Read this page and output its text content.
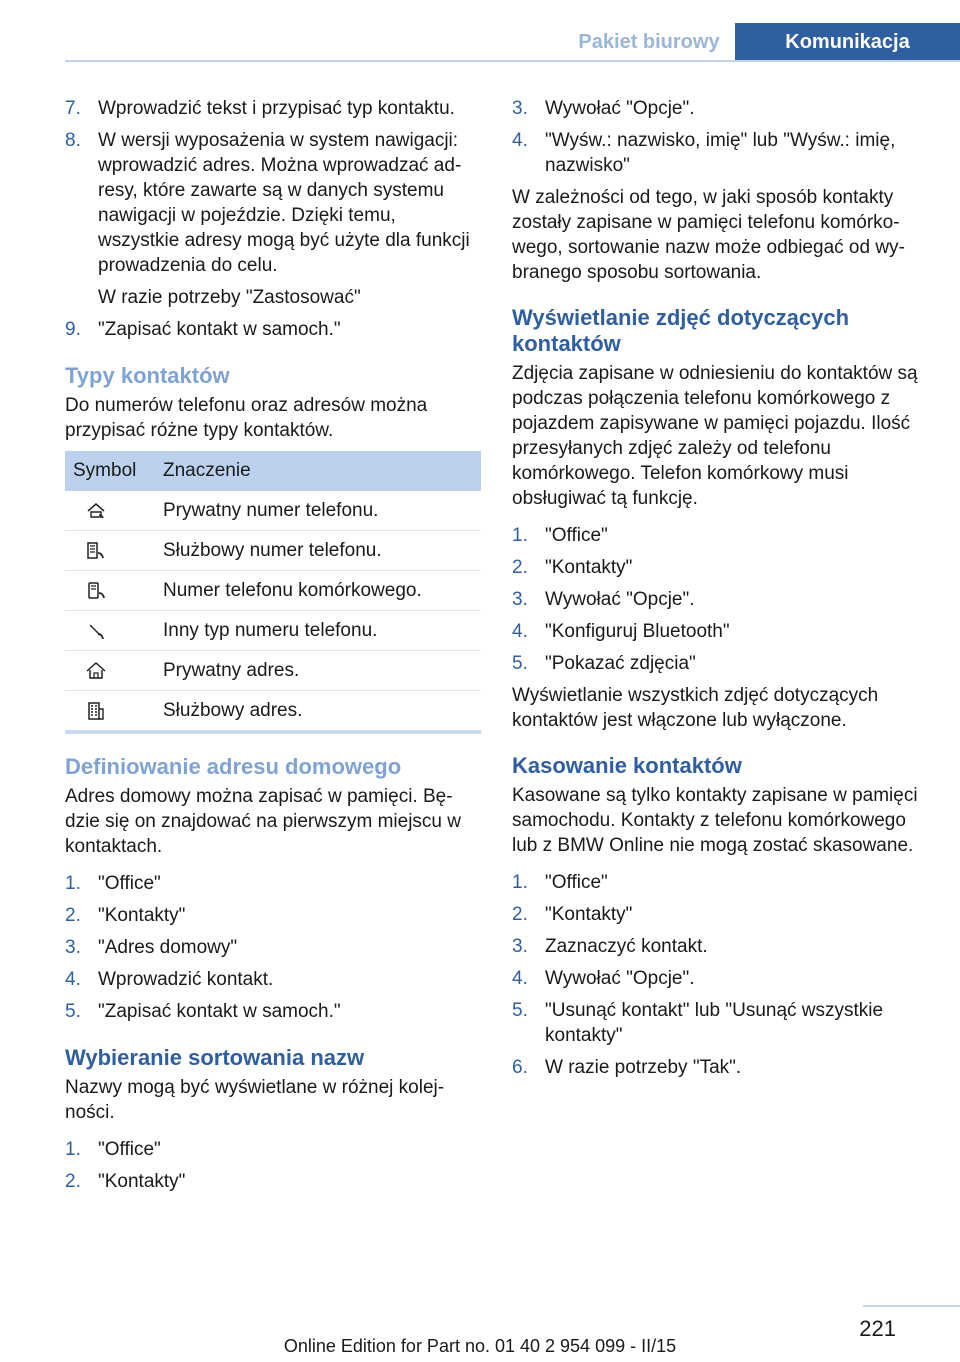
Pakiet biurowy	Komunikacja
7. Wprowadzić tekst i przypisać typ kontaktu.
8. W wersji wyposażenia w system nawigacji: wprowadzić adres. Można wprowadzać adresy, które zawarte są w danych systemu nawigacji w pojeździe. Dzięki temu, wszystkie adresy mogą być użyte dla funkcji prowadzenia do celu.
W razie potrzeby "Zastosować"
9. "Zapisać kontakt w samoch."
Typy kontaktów
Do numerów telefonu oraz adresów można przypisać różne typy kontaktów.
Symbol	Znaczenie

	Prywatny numer telefonu.

	Służbowy numer telefonu.

	Numer telefonu komórkowego.

	Inny typ numeru telefonu.

	Prywatny adres.

	Służbowy adres.
Definiowanie adresu domowego
Adres domowy można zapisać w pamięci. Będzie się on znajdować na pierwszym miejscu w kontaktach.
1. "Office"
2. "Kontakty"
3. "Adres domowy"
4. Wprowadzić kontakt.
5. "Zapisać kontakt w samoch."
Wybieranie sortowania nazw
Nazwy mogą być wyświetlane w różnej kolejności.
1. "Office"
2. "Kontakty"
3. Wywołać "Opcje".
4. "Wyśw.: nazwisko, imię" lub "Wyśw.: imię, nazwisko"
W zależności od tego, w jaki sposób kontakty zostały zapisane w pamięci telefonu komórkowego, sortowanie nazw może odbiegać od wybranego sposobu sortowania.
Wyświetlanie zdjęć dotyczących kontaktów
Zdjęcia zapisane w odniesieniu do kontaktów są podczas połączenia telefonu komórkowego z pojazdem zapisywane w pamięci pojazdu. Ilość przesyłanych zdjęć zależy od telefonu komórkowego. Telefon komórkowy musi obsługiwać tą funkcję.
1. "Office"
2. "Kontakty"
3. Wywołać "Opcje".
4. "Konfiguruj Bluetooth"
5. "Pokazać zdjęcia"
Wyświetlanie wszystkich zdjęć dotyczących kontaktów jest włączone lub wyłączone.
Kasowanie kontaktów
Kasowane są tylko kontakty zapisane w pamięci samochodu. Kontakty z telefonu komórkowego lub z BMW Online nie mogą zostać skasowane.
1. "Office"
2. "Kontakty"
3. Zaznaczyć kontakt.
4. Wywołać "Opcje".
5. "Usunąć kontakt" lub "Usunąć wszystkie kontakty"
6. W razie potrzeby "Tak".
221
Online Edition for Part no. 01 40 2 954 099 - II/15
